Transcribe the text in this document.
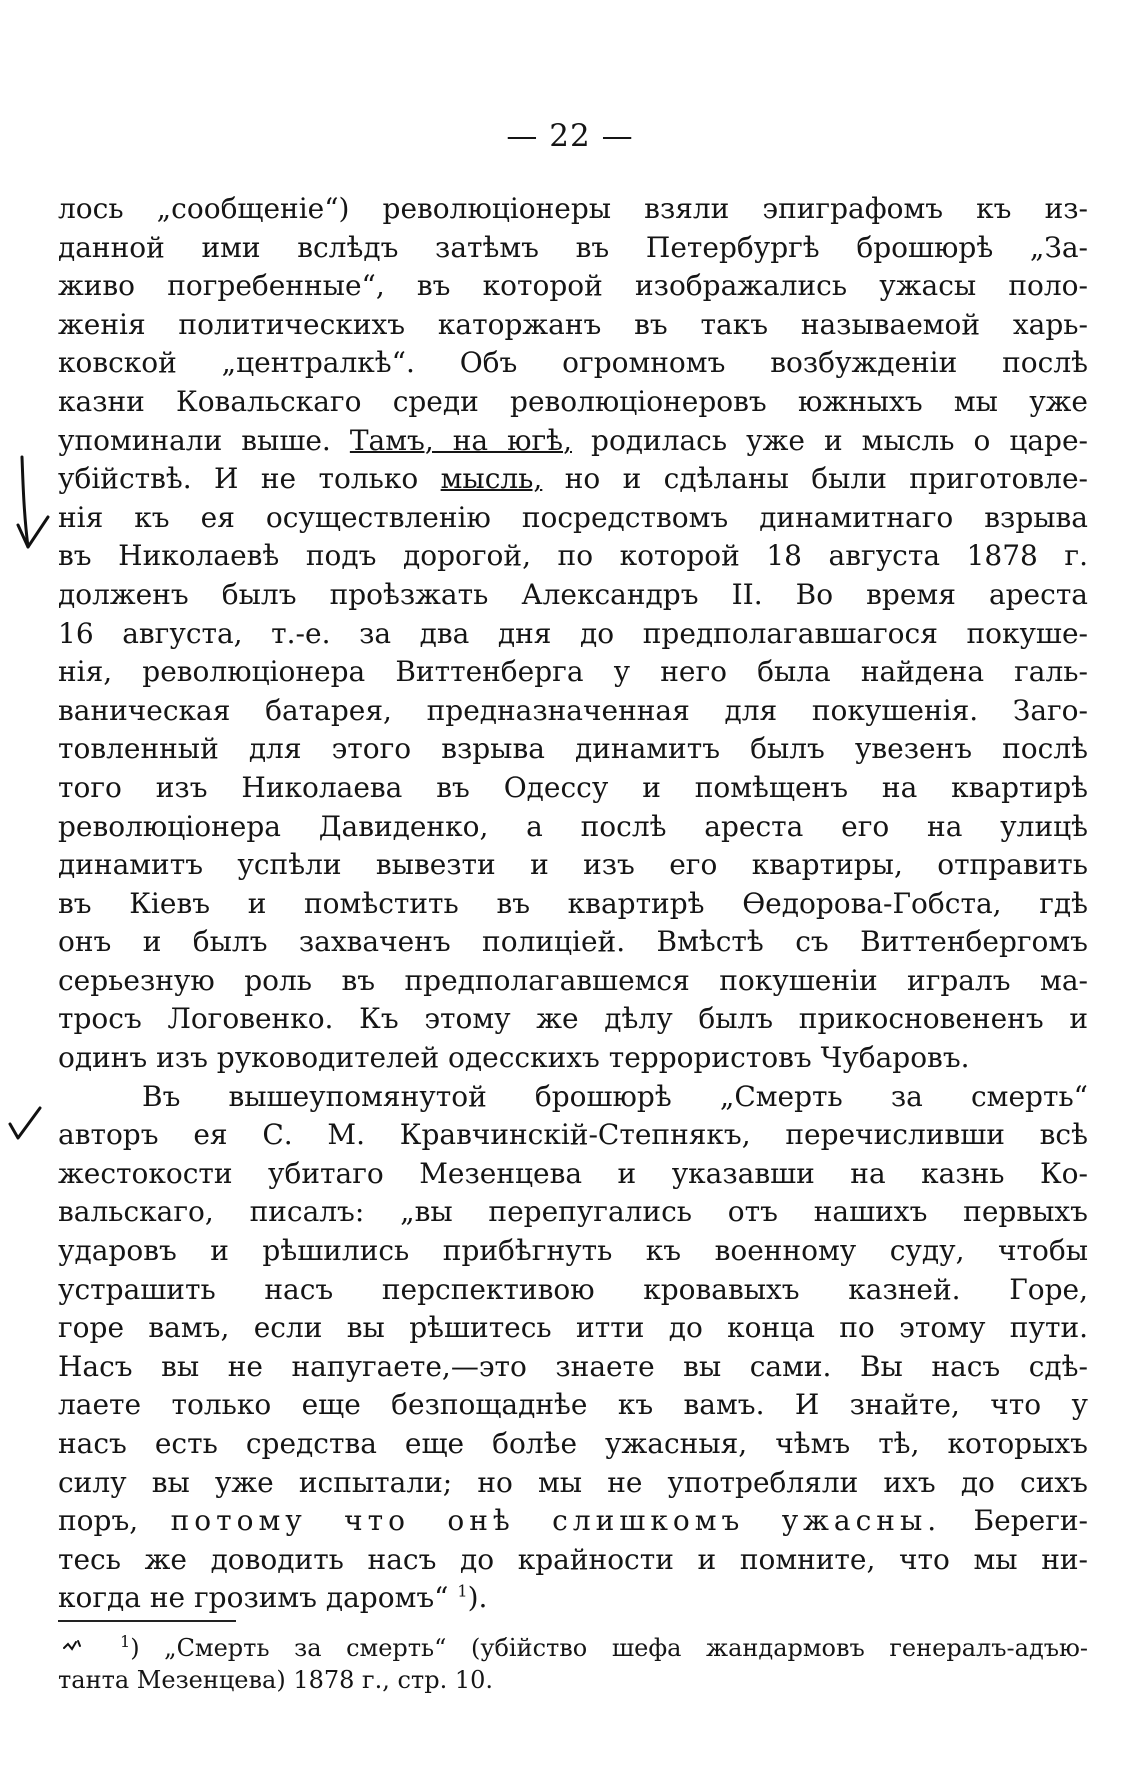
— 22 —
лось „сообщеніе“) революціонеры взяли эпиграфомъ къ из-
данной ими вслѣдъ затѣмъ въ Петербургѣ брошюрѣ „За-
живо погребенные“, въ которой изображались ужасы поло-
женія политическихъ каторжанъ въ такъ называемой харь-
ковской „централкѣ“. Объ огромномъ возбужденіи послѣ
казни Ковальскаго среди революціонеровъ южныхъ мы уже
упоминали выше. Тамъ, на югѣ, родилась уже и мысль о царе-
убійствѣ. И не только мысль, но и сдѣланы были приготовле-
нія къ ея осуществленію посредствомъ динамитнаго взрыва
въ Николаевѣ подъ дорогой, по которой 18 августа 1878 г.
долженъ былъ проѣзжать Александръ II. Во время ареста
16 августа, т.-е. за два дня до предполагавшагося покуше-
нія, революціонера Виттенберга у него была найдена галь-
ваническая батарея, предназначенная для покушенія. Заго-
товленный для этого взрыва динамитъ былъ увезенъ послѣ
того изъ Николаева въ Одессу и помѣщенъ на квартирѣ
революціонера Давиденко, а послѣ ареста его на улицѣ
динамитъ успѣли вывезти и изъ его квартиры, отправить
въ Кіевъ и помѣстить въ квартирѣ Өедорова-Гобста, гдѣ
онъ и былъ захваченъ полиціей. Вмѣстѣ съ Виттенбергомъ
серьезную роль въ предполагавшемся покушеніи игралъ ма-
тросъ Логовенко. Къ этому же дѣлу былъ прикосновененъ и
одинъ изъ руководителей одесскихъ террористовъ Чубаровъ.
Въ вышеупомянутой брошюрѣ „Смерть за смерть“
авторъ ея С. М. Кравчинскій-Степнякъ, перечисливши всѣ
жестокости убитаго Мезенцева и указавши на казнь Ко-
вальскаго, писалъ: „вы перепугались отъ нашихъ первыхъ
ударовъ и рѣшились прибѣгнуть къ военному суду, чтобы
устрашить насъ перспективою кровавыхъ казней. Горе,
горе вамъ, если вы рѣшитесь итти до конца по этому пути.
Насъ вы не напугаете,—это знаете вы сами. Вы насъ сдѣ-
лаете только еще безпощаднѣе къ вамъ. И знайте, что у
насъ есть средства еще болѣе ужасныя, чѣмъ тѣ, которыхъ
силу вы уже испытали; но мы не употребляли ихъ до сихъ
поръ, потому что онѣ слишкомъ ужасны. Береги-
тесь же доводить насъ до крайности и помните, что мы ни-
когда не грозимъ даромъ“ $^1$).
$^1$) „Смерть за смерть“ (убійство шефа жандармовъ генералъ-адъю-
танта Мезенцева) 1878 г., стр. 10.
